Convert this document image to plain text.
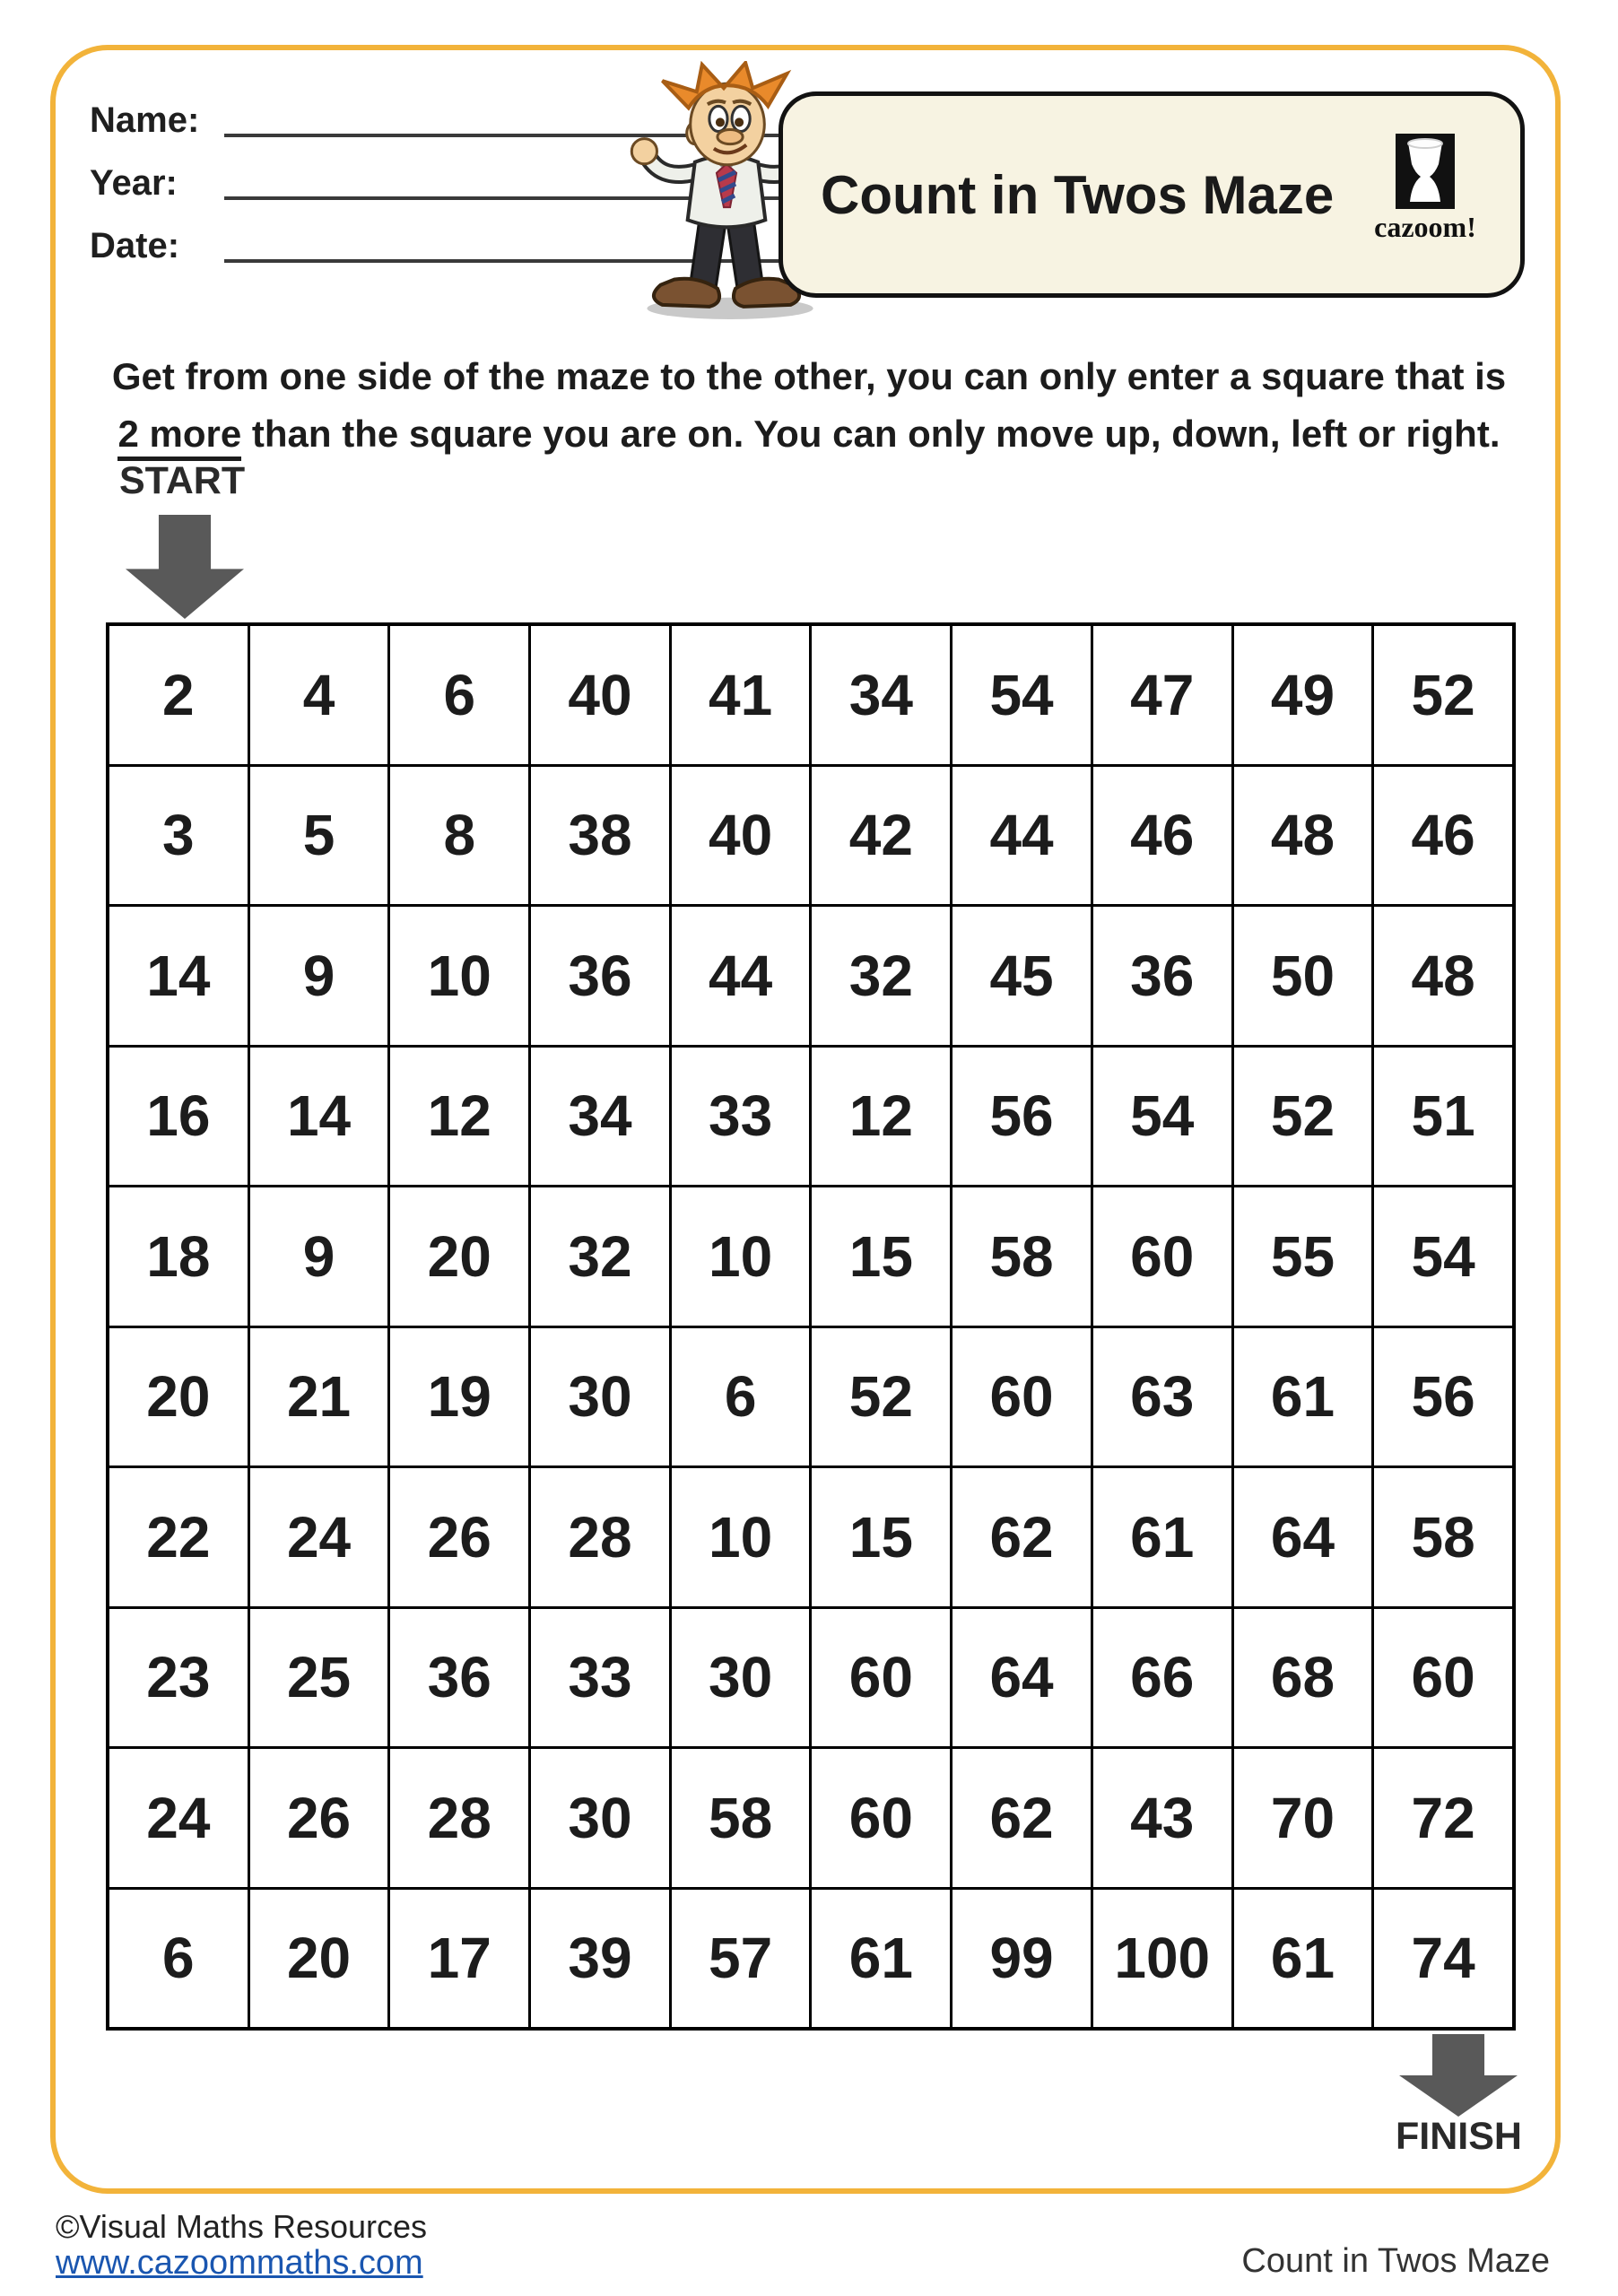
Name:
Year:
Date:
Count in Twos Maze
cazoom!
Get from one side of the maze to the other, you can only enter a square that is
2 more than the square you are on. You can only move up, down, left or right.
START
2	4	6	40	41	34	54	47	49	52
3	5	8	38	40	42	44	46	48	46
14	9	10	36	44	32	45	36	50	48
16	14	12	34	33	12	56	54	52	51
18	9	20	32	10	15	58	60	55	54
20	21	19	30	6	52	60	63	61	56
22	24	26	28	10	15	62	61	64	58
23	25	36	33	30	60	64	66	68	60
24	26	28	30	58	60	62	43	70	72
6	20	17	39	57	61	99	100	61	74
FINISH
©Visual Maths Resources
www.cazoommaths.com	Count in Twos Maze
